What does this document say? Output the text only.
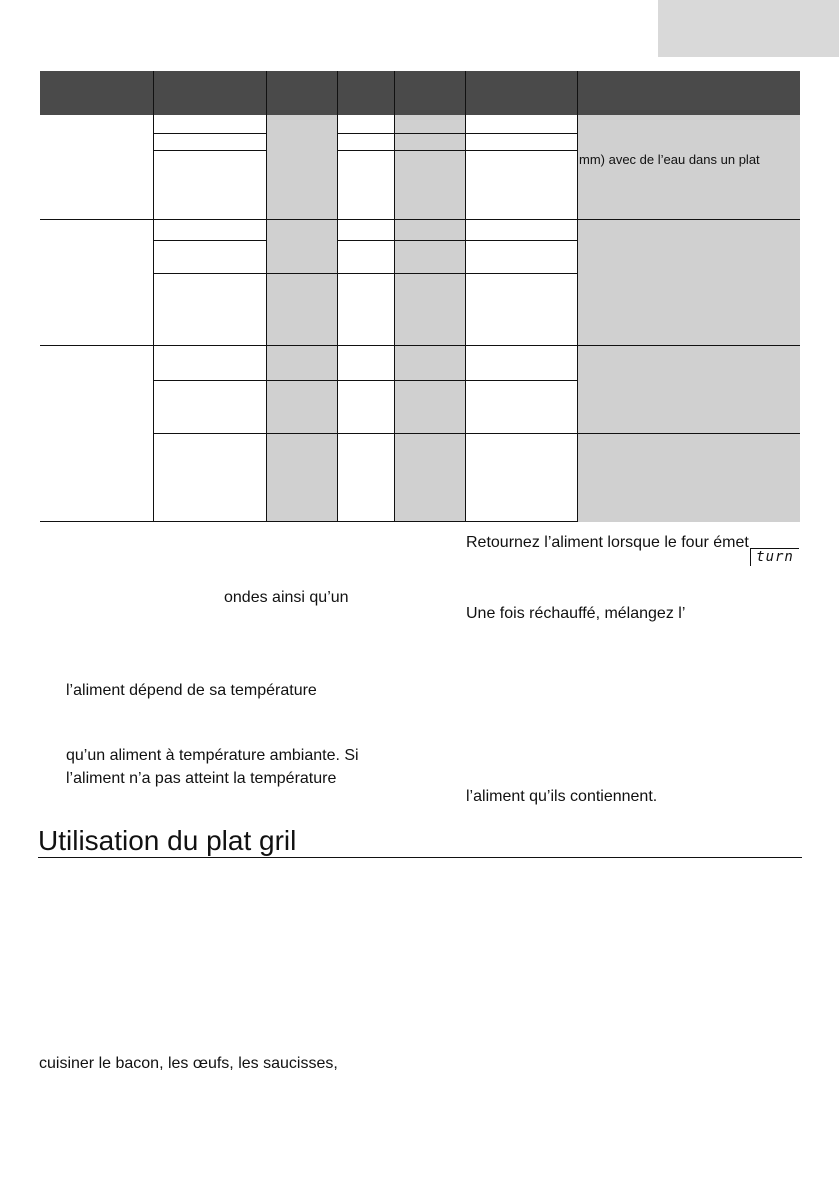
mm) avec de l’eau dans un plat
ondes ainsi qu’un
l’aliment dépend de sa température
qu’un aliment à température ambiante. Si
l’aliment n’a pas atteint la température
Retournez l’aliment lorsque le four émet
turn
Une fois réchauffé, mélangez l’
l’aliment qu’ils contiennent.
Utilisation du plat gril
cuisiner le bacon, les œufs, les saucisses,
